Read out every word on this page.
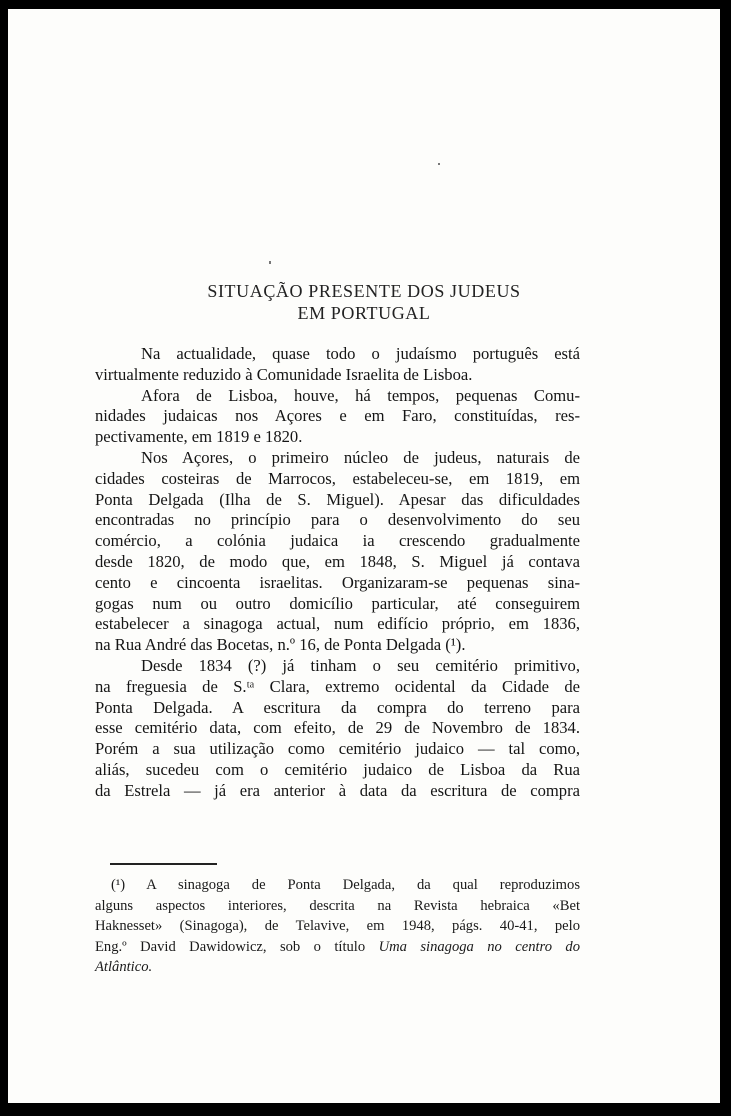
SITUAÇÃO PRESENTE DOS JUDEUS
EM PORTUGAL
Na actualidade, quase todo o judaísmo português está
virtualmente reduzido à Comunidade Israelita de Lisboa.
Afora de Lisboa, houve, há tempos, pequenas Comu-
nidades judaicas nos Açores e em Faro, constituídas, res-
pectivamente, em 1819 e 1820.
Nos Açores, o primeiro núcleo de judeus, naturais de
cidades costeiras de Marrocos, estabeleceu-se, em 1819, em
Ponta Delgada (Ilha de S. Miguel). Apesar das dificuldades
encontradas no princípio para o desenvolvimento do seu
comércio, a colónia judaica ia crescendo gradualmente
desde 1820, de modo que, em 1848, S. Miguel já contava
cento e cincoenta israelitas. Organizaram-se pequenas sina-
gogas num ou outro domicílio particular, até conseguirem
estabelecer a sinagoga actual, num edifício próprio, em 1836,
na Rua André das Bocetas, n.º 16, de Ponta Delgada (¹).
Desde 1834 (?) já tinham o seu cemitério primitivo,
na freguesia de S.ᵗᵃ Clara, extremo ocidental da Cidade de
Ponta Delgada. A escritura da compra do terreno para
esse cemitério data, com efeito, de 29 de Novembro de 1834.
Porém a sua utilização como cemitério judaico — tal como,
aliás, sucedeu com o cemitério judaico de Lisboa da Rua
da Estrela — já era anterior à data da escritura de compra
(¹) A sinagoga de Ponta Delgada, da qual reproduzimos
alguns aspectos interiores, descrita na Revista hebraica «Bet
Haknesset» (Sinagoga), de Telavive, em 1948, págs. 40-41, pelo
Eng.º David Dawidowicz, sob o título Uma sinagoga no centro do
Atlântico.
